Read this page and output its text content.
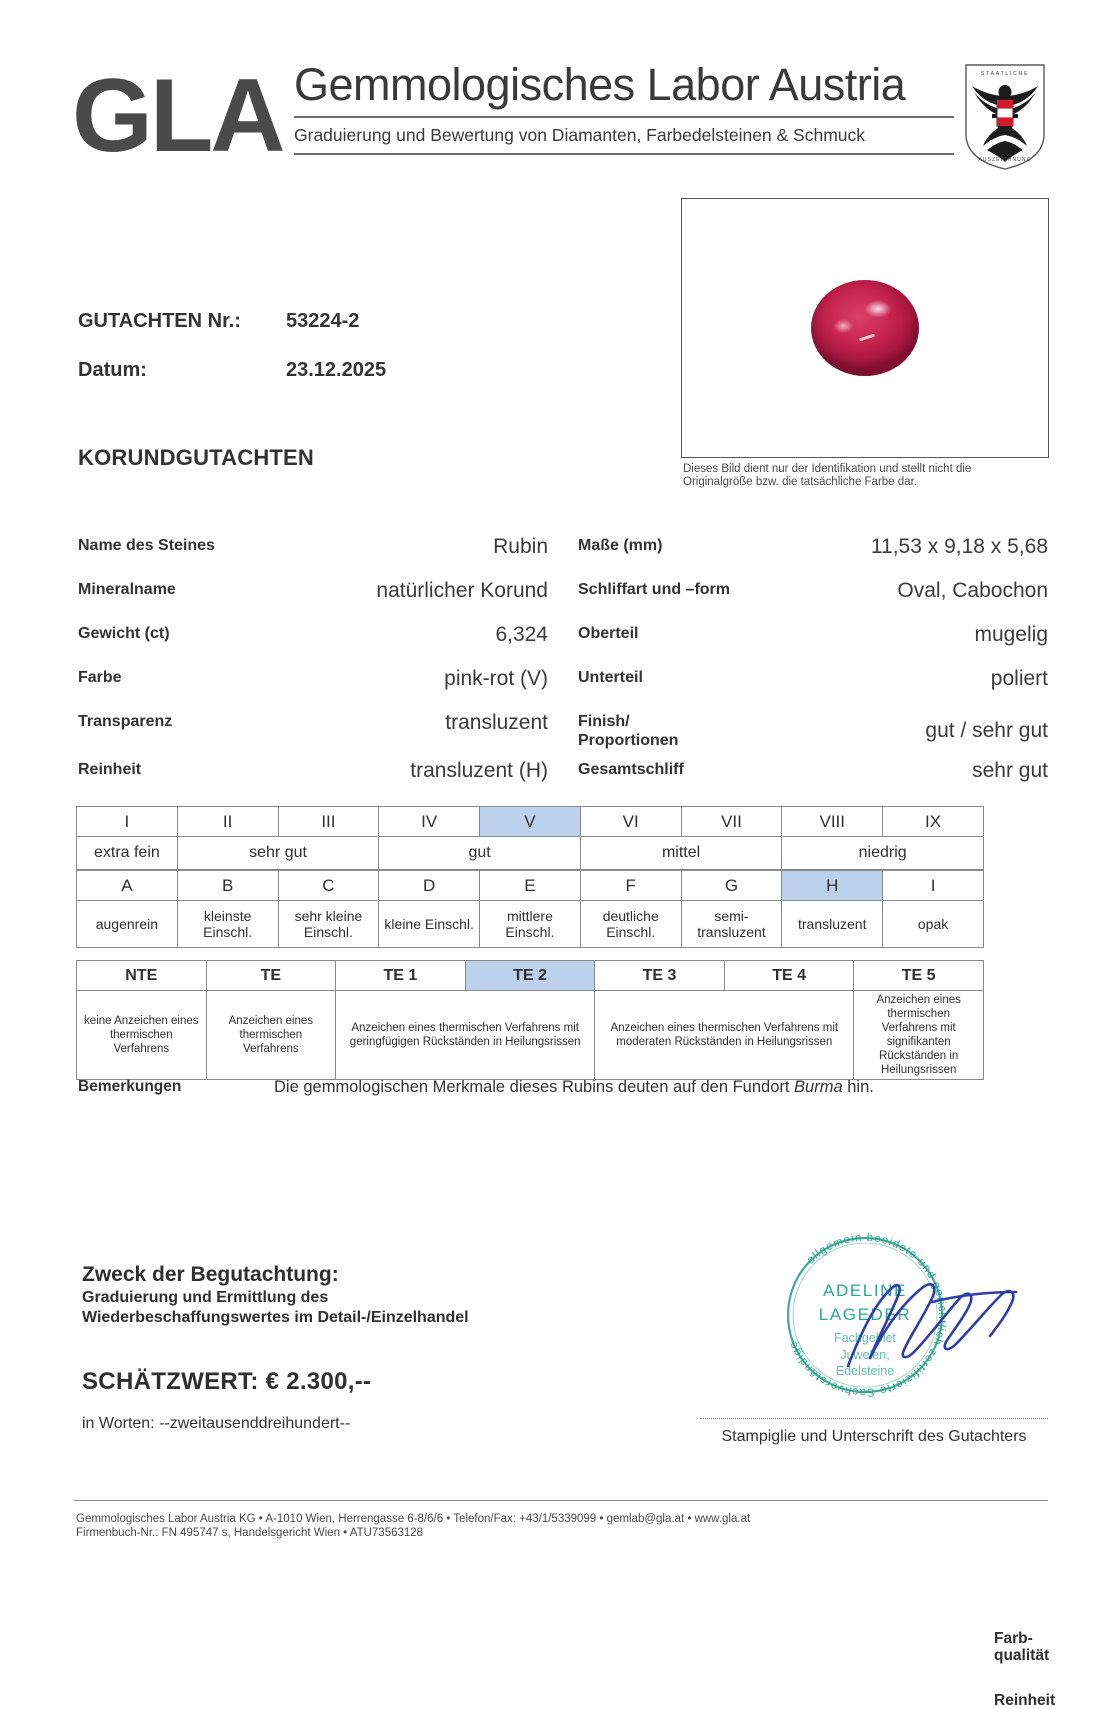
GLA Gemmologisches Labor Austria
Graduierung und Bewertung von Diamanten, Farbedelsteinen & Schmuck
STAATLICHE
AUSZEICHNUNG
GUTACHTEN Nr.:	53224-2
Datum:	23.12.2025
KORUNDGUTACHTEN	Dieses Bild dient nur der Identifikation und stellt nicht die
Originalgröße bzw. die tatsächliche Farbe dar.
Name des Steines	Rubin
Mineralname	natürlicher Korund
Gewicht (ct)	6,324
Farbe	pink-rot (V)
Transparenz	transluzent
Reinheit	transluzent (H)
Maße (mm)	11,53 x 9,18 x 5,68
Schliffart und –form	Oval, Cabochon
Oberteil	mugelig
Unterteil	poliert
Finish/
Proportionen	gut / sehr gut
Gesamtschliff	sehr gut
I	II	III	IV	V	VI	VII	VIII	IX
extra fein	sehr gut		gut		mittel		niedrig	
Farb-
qualität
A	B	C	D	E	F	G	H	I
augenrein	kleinste Einschl.	sehr kleine Einschl.	kleine Einschl.	mittlere Einschl.	deutliche Einschl.	semi-transluzent	transluzent	opak
Reinheit
NTE	TE	TE 1	TE 2	TE 3	TE 4	TE 5
keine Anzeichen eines thermischen Verfahrens	Anzeichen eines thermischen Verfahrens	Anzeichen eines thermischen Verfahrens mit geringfügigen Rückständen in Heilungsrissen		Anzeichen eines thermischen Verfahrens mit moderaten Rückständen in Heilungsrissen		Anzeichen eines thermischen Verfahrens mit signifikanten Rückständen in Heilungsrissen
Bemerkungen	Die gemmologischen Merkmale dieses Rubins deuten auf den Fundort Burma hin.
Zweck der Begutachtung:
Graduierung und Ermittlung des
Wiederbeschaffungswertes im Detail-/Einzelhandel
SCHÄTZWERT: € 2.300,--
in Worten: --zweitausenddreihundert--
allgemein beeidete und gerichtlich zertifizierte Sachverständige
ADELINE
LAGEDER
Fachgebiet
Juwelen,
Edelsteine
Stampiglie und Unterschrift des Gutachters
Gemmologisches Labor Austria KG • A-1010 Wien, Herrengasse 6-8/6/6 • Telefon/Fax: +43/1/5339099 • gemlab@gla.at • www.gla.at
Firmenbuch-Nr.: FN 495747 s, Handelsgericht Wien • ATU73563128
